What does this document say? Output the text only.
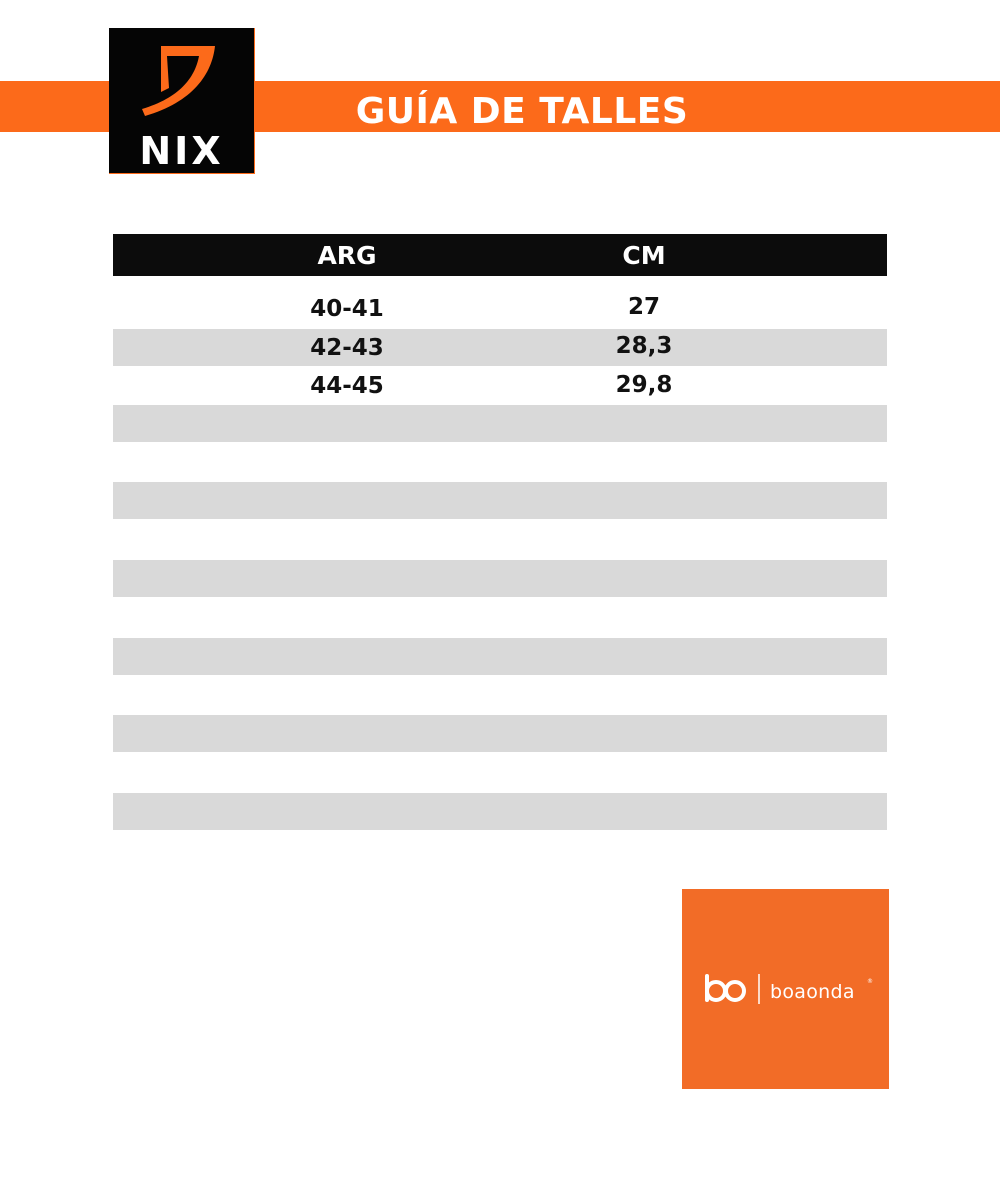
NIX
GUÍA DE TALLES
ARG	CM
40-41	27
42-43	28,3
44-45	29,8
boaonda ®
